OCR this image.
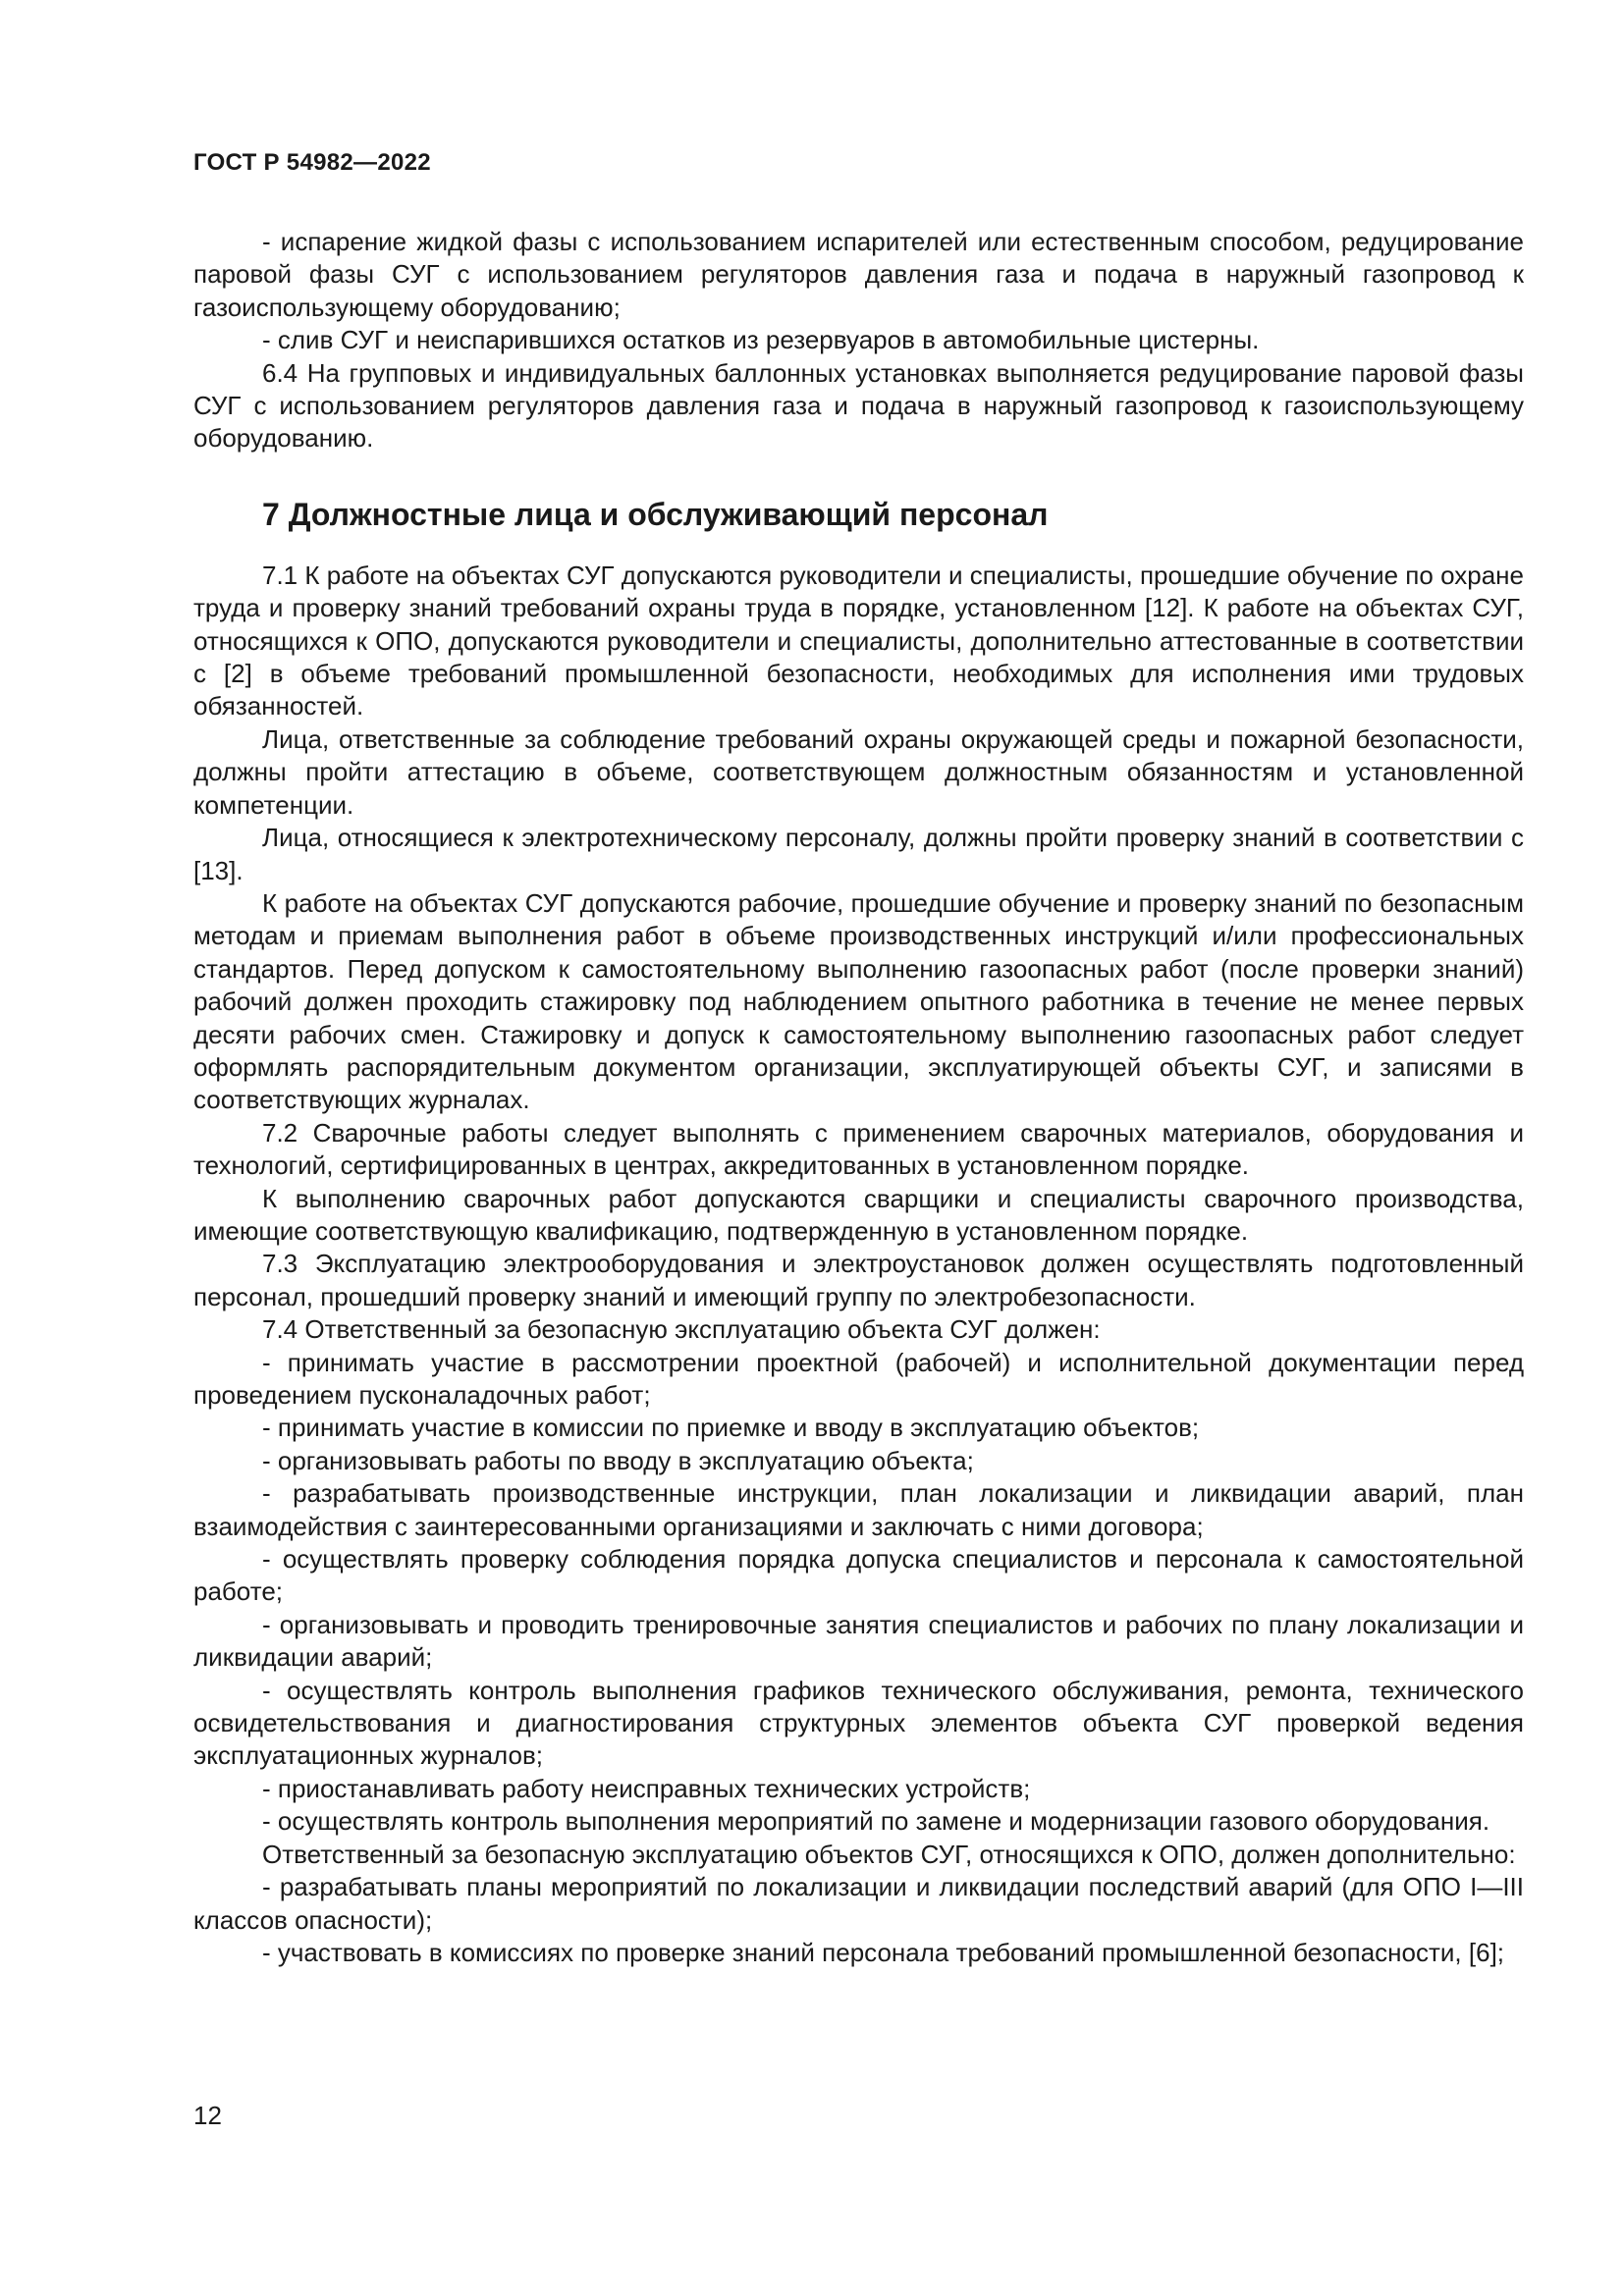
ГОСТ Р 54982—2022

- испарение жидкой фазы с использованием испарителей или естественным способом, редуцирование паровой фазы СУГ с использованием регуляторов давления газа и подача в наружный газопровод к газоиспользующему оборудованию;

- слив СУГ и неиспарившихся остатков из резервуаров в автомобильные цистерны.

6.4 На групповых и индивидуальных баллонных установках выполняется редуцирование паровой фазы СУГ с использованием регуляторов давления газа и подача в наружный газопровод к газоиспользующему оборудованию.

7 Должностные лица и обслуживающий персонал

7.1 К работе на объектах СУГ допускаются руководители и специалисты, прошедшие обучение по охране труда и проверку знаний требований охраны труда в порядке, установленном [12]. К работе на объектах СУГ, относящихся к ОПО, допускаются руководители и специалисты, дополнительно аттестованные в соответствии с [2] в объеме требований промышленной безопасности, необходимых для исполнения ими трудовых обязанностей.

Лица, ответственные за соблюдение требований охраны окружающей среды и пожарной безопасности, должны пройти аттестацию в объеме, соответствующем должностным обязанностям и установленной компетенции.

Лица, относящиеся к электротехническому персоналу, должны пройти проверку знаний в соответствии с [13].

К работе на объектах СУГ допускаются рабочие, прошедшие обучение и проверку знаний по безопасным методам и приемам выполнения работ в объеме производственных инструкций и/или профессиональных стандартов. Перед допуском к самостоятельному выполнению газоопасных работ (после проверки знаний) рабочий должен проходить стажировку под наблюдением опытного работника в течение не менее первых десяти рабочих смен. Стажировку и допуск к самостоятельному выполнению газоопасных работ следует оформлять распорядительным документом организации, эксплуатирующей объекты СУГ, и записями в соответствующих журналах.

7.2 Сварочные работы следует выполнять с применением сварочных материалов, оборудования и технологий, сертифицированных в центрах, аккредитованных в установленном порядке.

К выполнению сварочных работ допускаются сварщики и специалисты сварочного производства, имеющие соответствующую квалификацию, подтвержденную в установленном порядке.

7.3 Эксплуатацию электрооборудования и электроустановок должен осуществлять подготовленный персонал, прошедший проверку знаний и имеющий группу по электробезопасности.

7.4 Ответственный за безопасную эксплуатацию объекта СУГ должен:

- принимать участие в рассмотрении проектной (рабочей) и исполнительной документации перед проведением пусконаладочных работ;

- принимать участие в комиссии по приемке и вводу в эксплуатацию объектов;

- организовывать работы по вводу в эксплуатацию объекта;

- разрабатывать производственные инструкции, план локализации и ликвидации аварий, план взаимодействия с заинтересованными организациями и заключать с ними договора;

- осуществлять проверку соблюдения порядка допуска специалистов и персонала к самостоятельной работе;

- организовывать и проводить тренировочные занятия специалистов и рабочих по плану локализации и ликвидации аварий;

- осуществлять контроль выполнения графиков технического обслуживания, ремонта, технического освидетельствования и диагностирования структурных элементов объекта СУГ проверкой ведения эксплуатационных журналов;

- приостанавливать работу неисправных технических устройств;

- осуществлять контроль выполнения мероприятий по замене и модернизации газового оборудования.

Ответственный за безопасную эксплуатацию объектов СУГ, относящихся к ОПО, должен дополнительно:

- разрабатывать планы мероприятий по локализации и ликвидации последствий аварий (для ОПО I—III классов опасности);

- участвовать в комиссиях по проверке знаний персонала требований промышленной безопасности, [6];

12
